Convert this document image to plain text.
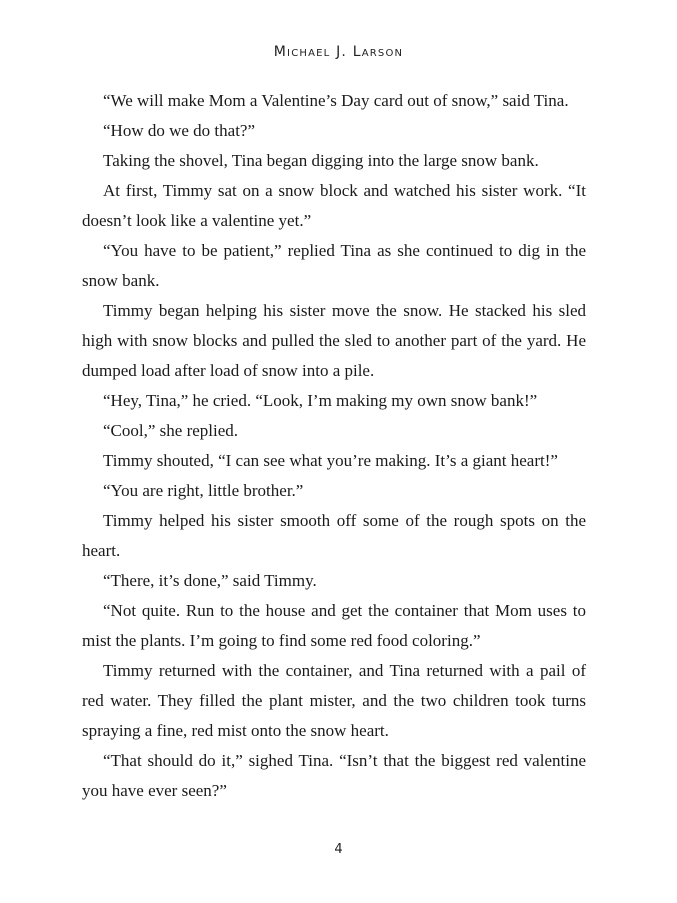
Michael J. Larson

“We will make Mom a Valentine’s Day card out of snow,” said Tina.

“How do we do that?”

Taking the shovel, Tina began digging into the large snow bank.

At first, Timmy sat on a snow block and watched his sister work. “It doesn’t look like a valentine yet.”

“You have to be patient,” replied Tina as she continued to dig in the snow bank.

Timmy began helping his sister move the snow. He stacked his sled high with snow blocks and pulled the sled to another part of the yard. He dumped load after load of snow into a pile.

“Hey, Tina,” he cried. “Look, I’m making my own snow bank!”

“Cool,” she replied.

Timmy shouted, “I can see what you’re making. It’s a giant heart!”

“You are right, little brother.”

Timmy helped his sister smooth off some of the rough spots on the heart.

“There, it’s done,” said Timmy.

“Not quite. Run to the house and get the container that Mom uses to mist the plants. I’m going to find some red food coloring.”

Timmy returned with the container, and Tina returned with a pail of red water. They filled the plant mister, and the two children took turns spraying a fine, red mist onto the snow heart.

“That should do it,” sighed Tina. “Isn’t that the biggest red valentine you have ever seen?”

4
